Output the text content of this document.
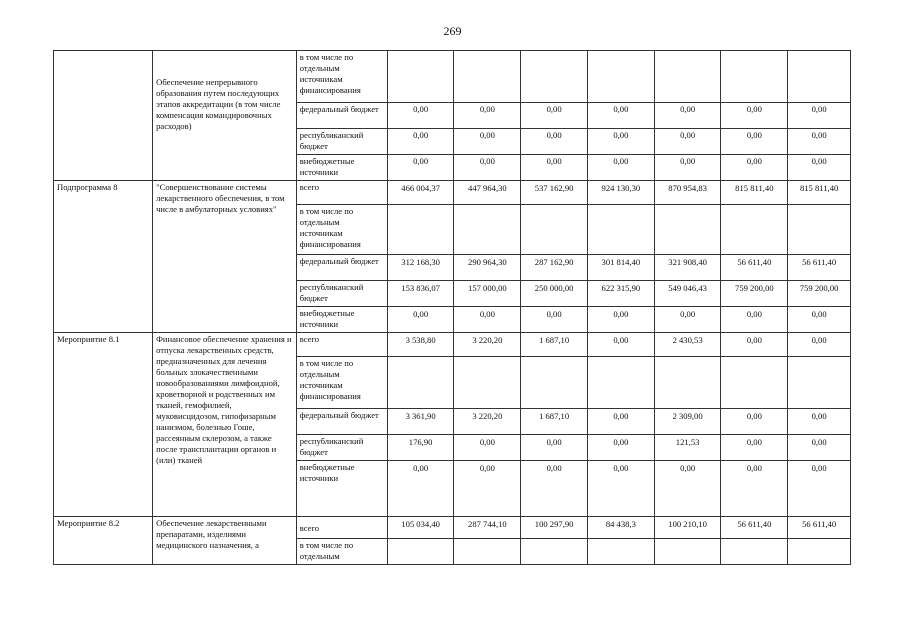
269
	Обеспечение непрерывного образования путем последующих этапов аккредитации (в том числе компенсация командировочных расходов)	в том числе по отдельным источникам финансирования							
		федеральный бюджет	0,00	0,00	0,00	0,00	0,00	0,00	0,00
		республиканский бюджет	0,00	0,00	0,00	0,00	0,00	0,00	0,00
		внебюджетные источники	0,00	0,00	0,00	0,00	0,00	0,00	0,00
Подпрограмма 8	"Совершенствование системы лекарственного обеспечения, в том числе в амбулаторных условиях"	всего	466 004,37	447 964,30	537 162,90	924 130,30	870 954,83	815 811,40	815 811,40
		в том числе по отдельным источникам финансирования							
		федеральный бюджет	312 168,30	290 964,30	287 162,90	301 814,40	321 908,40	56 611,40	56 611,40
		республиканский бюджет	153 836,07	157 000,00	250 000,00	622 315,90	549 046,43	759 200,00	759 200,00
		внебюджетные источники	0,00	0,00	0,00	0,00	0,00	0,00	0,00
Мероприятие 8.1	Финансовое обеспечение хранения и отпуска лекарственных средств, предназначенных для лечения больных злокачественными новообразованиями лимфоидной, кроветворной и родственных им тканей, гемофилией, муковисцидозом, гипофизарным нанизмом, болезнью Гоше, рассеянным склерозом, а также после трансплантации органов и (или) тканей	всего	3 538,80	3 220,20	1 687,10	0,00	2 430,53	0,00	0,00
		в том числе по отдельным источникам финансирования							
		федеральный бюджет	3 361,90	3 220,20	1 687,10	0,00	2 309,00	0,00	0,00
		республиканский бюджет	176,90	0,00	0,00	0,00	121,53	0,00	0,00
		внебюджетные источники	0,00	0,00	0,00	0,00	0,00	0,00	0,00
Мероприятие 8.2	Обеспечение лекарственными препаратами, изделиями медицинского назначения, а	всего	105 034,40	287 744,10	100 297,90	84 438,3	100 210,10	56 611,40	56 611,40
		в том числе по отдельным							
